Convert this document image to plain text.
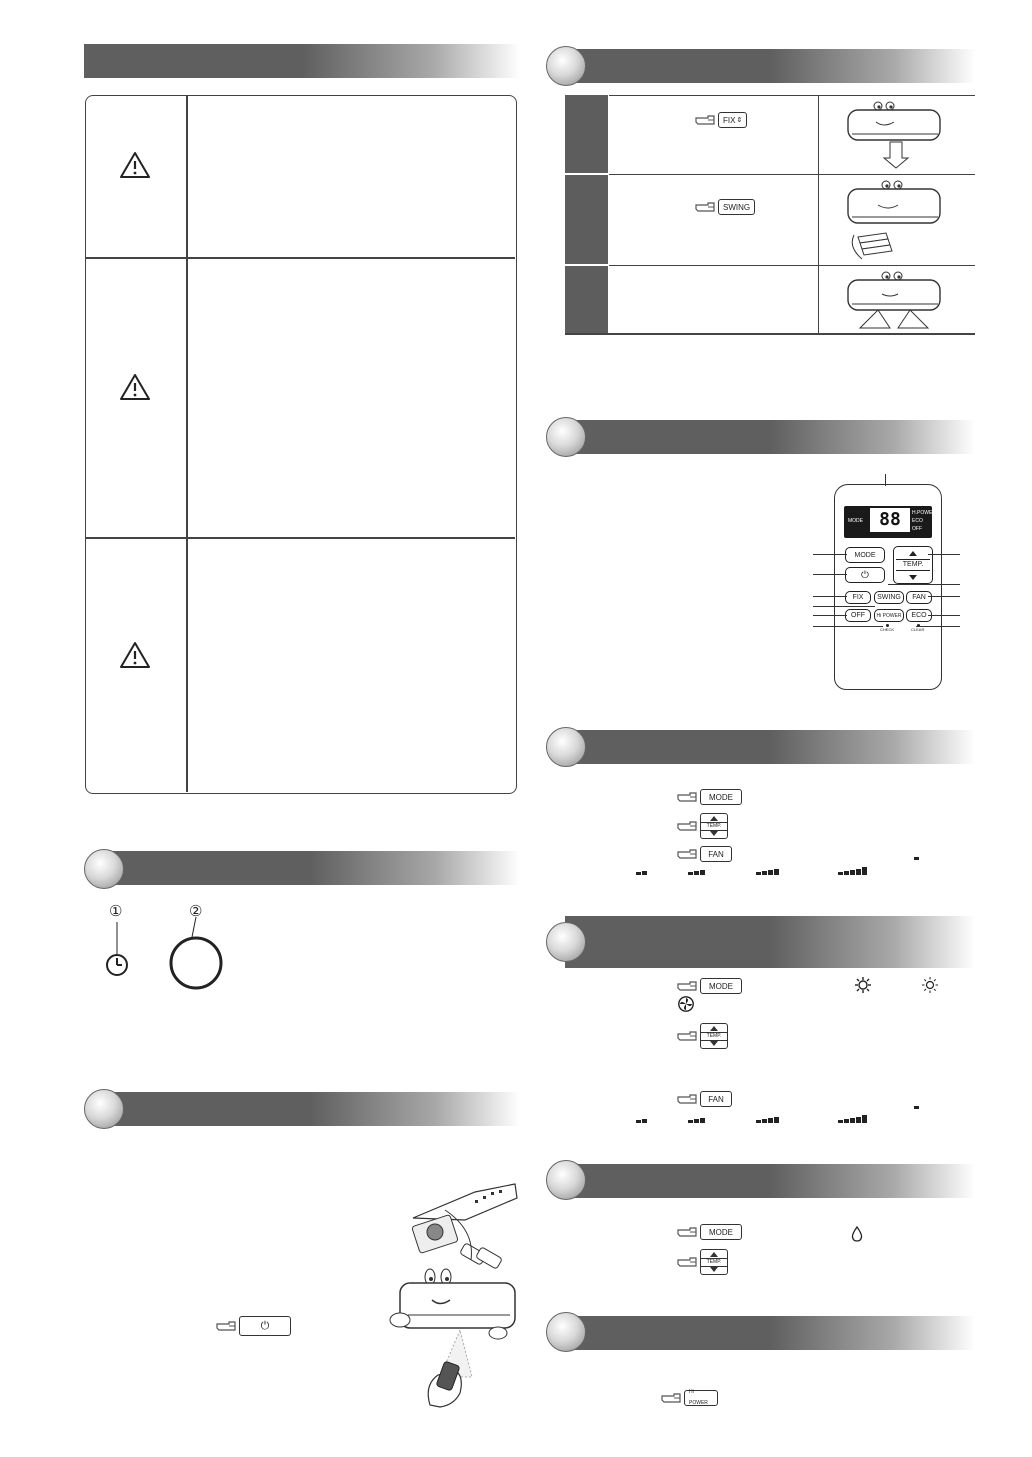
①	②
⏻
FIX ⇕
SWING
MODE 88	H.POWER
ECO
OFF
MODE
⏻
TEMP.
FIX	SWING	FAN
OFF	Hi POWER	ECO
CHECK	CLEAR
MODE
TEMP.
FAN
MODE
TEMP.
FAN
MODE
TEMP.
Hi POWER
